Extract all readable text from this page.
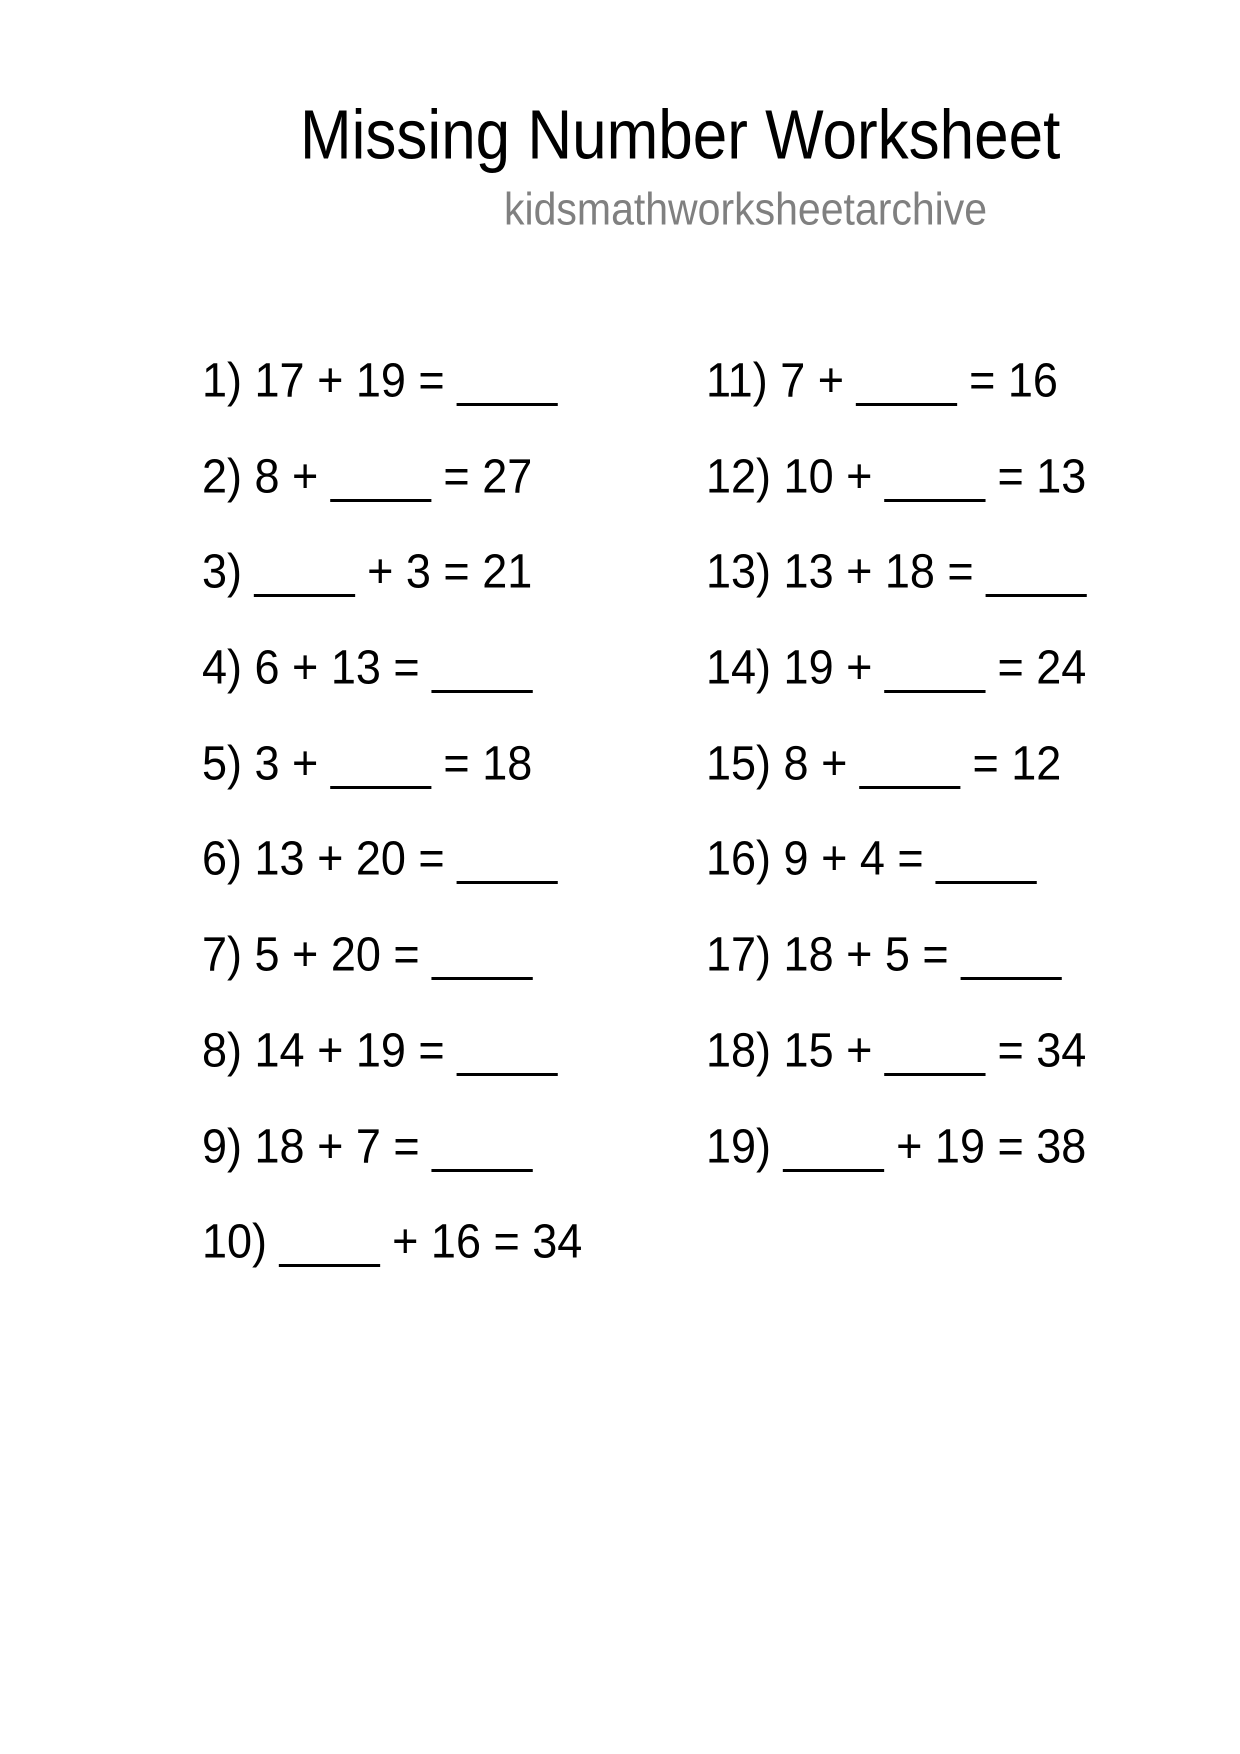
Missing Number Worksheet
kidsmathworksheetarchive
1) 17 + 19 = ____
2) 8 + ____ = 27
3) ____ + 3 = 21
4) 6 + 13 = ____
5) 3 + ____ = 18
6) 13 + 20 = ____
7) 5 + 20 = ____
8) 14 + 19 = ____
9) 18 + 7 = ____
10) ____ + 16 = 34
11) 7 + ____ = 16
12) 10 + ____ = 13
13) 13 + 18 = ____
14) 19 + ____ = 24
15) 8 + ____ = 12
16) 9 + 4 = ____
17) 18 + 5 = ____
18) 15 + ____ = 34
19) ____ + 19 = 38
